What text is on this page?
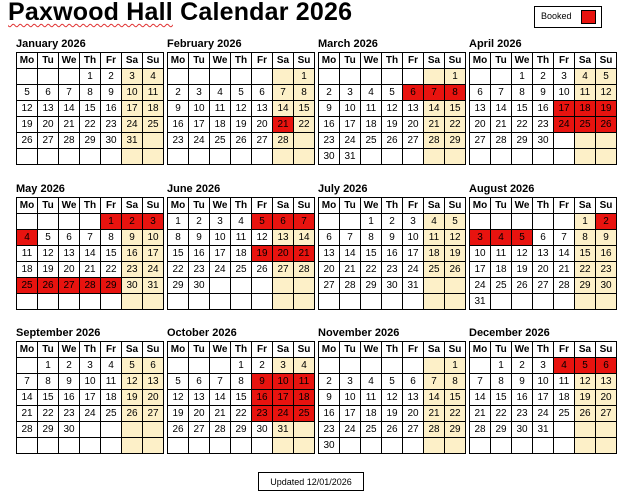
Paxwood Hall Calendar 2026	Booked
January 2026
Mo	Tu	We	Th	Fr	Sa	Su
			1	2	3	4
5	6	7	8	9	10	11
12	13	14	15	16	17	18
19	20	21	22	23	24	25
26	27	28	29	30	31	

February 2026
Mo	Tu	We	Th	Fr	Sa	Su
						1
2	3	4	5	6	7	8
9	10	11	12	13	14	15
16	17	18	19	20	21	22
23	24	25	26	27	28	

March 2026
Mo	Tu	We	Th	Fr	Sa	Su
						1
2	3	4	5	6	7	8
9	10	11	12	13	14	15
16	17	18	19	20	21	22
23	24	25	26	27	28	29
30	31					
April 2026
Mo	Tu	We	Th	Fr	Sa	Su
		1	2	3	4	5
6	7	8	9	10	11	12
13	14	15	16	17	18	19
20	21	22	23	24	25	26
27	28	29	30			

May 2026
Mo	Tu	We	Th	Fr	Sa	Su
				1	2	3
4	5	6	7	8	9	10
11	12	13	14	15	16	17
18	19	20	21	22	23	24
25	26	27	28	29	30	31

June 2026
Mo	Tu	We	Th	Fr	Sa	Su
1	2	3	4	5	6	7
8	9	10	11	12	13	14
15	16	17	18	19	20	21
22	23	24	25	26	27	28
29	30					

July 2026
Mo	Tu	We	Th	Fr	Sa	Su
		1	2	3	4	5
6	7	8	9	10	11	12
13	14	15	16	17	18	19
20	21	22	23	24	25	26
27	28	29	30	31		

August 2026
Mo	Tu	We	Th	Fr	Sa	Su
					1	2
3	4	5	6	7	8	9
10	11	12	13	14	15	16
17	18	19	20	21	22	23
24	25	26	27	28	29	30
31						
September 2026
Mo	Tu	We	Th	Fr	Sa	Su
	1	2	3	4	5	6
7	8	9	10	11	12	13
14	15	16	17	18	19	20
21	22	23	24	25	26	27
28	29	30				

October 2026
Mo	Tu	We	Th	Fr	Sa	Su
			1	2	3	4
5	6	7	8	9	10	11
12	13	14	15	16	17	18
19	20	21	22	23	24	25
26	27	28	29	30	31	

November 2026
Mo	Tu	We	Th	Fr	Sa	Su
						1
2	3	4	5	6	7	8
9	10	11	12	13	14	15
16	17	18	19	20	21	22
23	24	25	26	27	28	29
30						
December 2026
Mo	Tu	We	Th	Fr	Sa	Su
	1	2	3	4	5	6
7	8	9	10	11	12	13
14	15	16	17	18	19	20
21	22	23	24	25	26	27
28	29	30	31			

Updated 12/01/2026
